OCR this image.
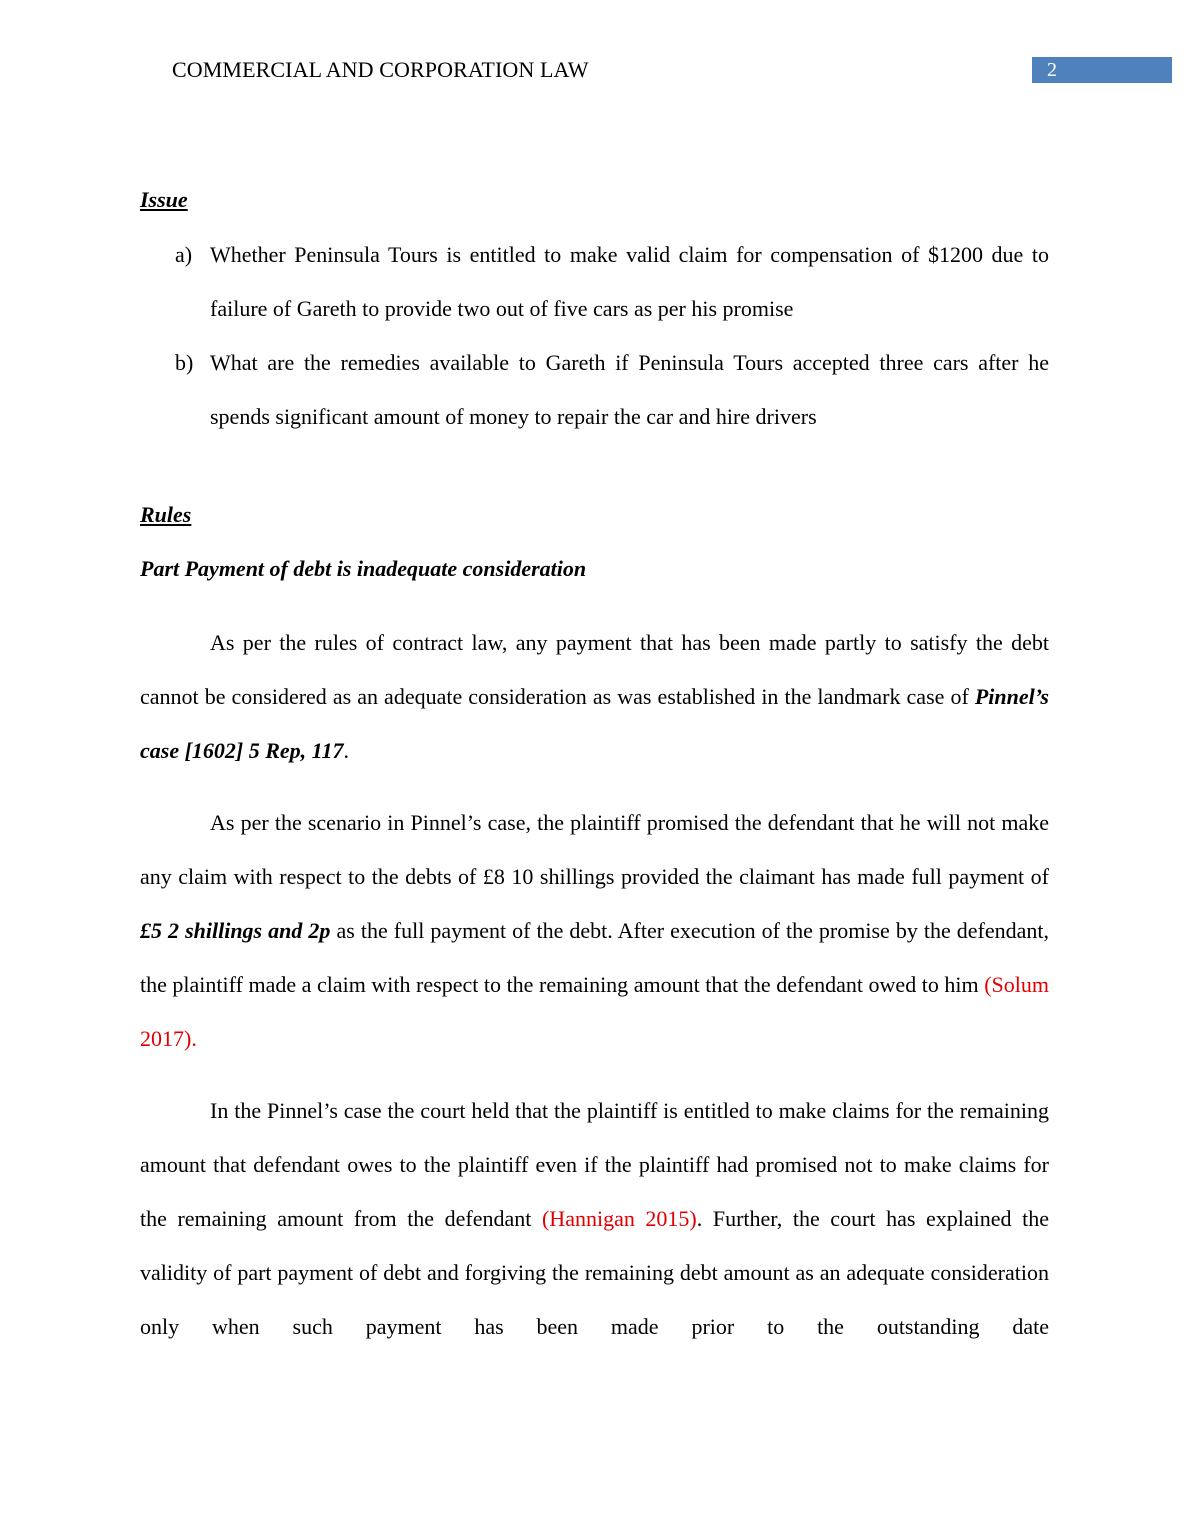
COMMERCIAL AND CORPORATION LAW	2
Issue
a) Whether Peninsula Tours is entitled to make valid claim for compensation of $1200 due to failure of Gareth to provide two out of five cars as per his promise
b) What are the remedies available to Gareth if Peninsula Tours accepted three cars after he spends significant amount of money to repair the car and hire drivers
Rules
Part Payment of debt is inadequate consideration

As per the rules of contract law, any payment that has been made partly to satisfy the debt cannot be considered as an adequate consideration as was established in the landmark case of Pinnel’s case [1602] 5 Rep, 117.

As per the scenario in Pinnel’s case, the plaintiff promised the defendant that he will not make any claim with respect to the debts of £8 10 shillings provided the claimant has made full payment of £5 2 shillings and 2p as the full payment of the debt. After execution of the promise by the defendant, the plaintiff made a claim with respect to the remaining amount that the defendant owed to him (Solum 2017).

In the Pinnel’s case the court held that the plaintiff is entitled to make claims for the remaining amount that defendant owes to the plaintiff even if the plaintiff had promised not to make claims for the remaining amount from the defendant (Hannigan 2015). Further, the court has explained the validity of part payment of debt and forgiving the remaining debt amount as an adequate consideration only when such payment has been made prior to the outstanding date
